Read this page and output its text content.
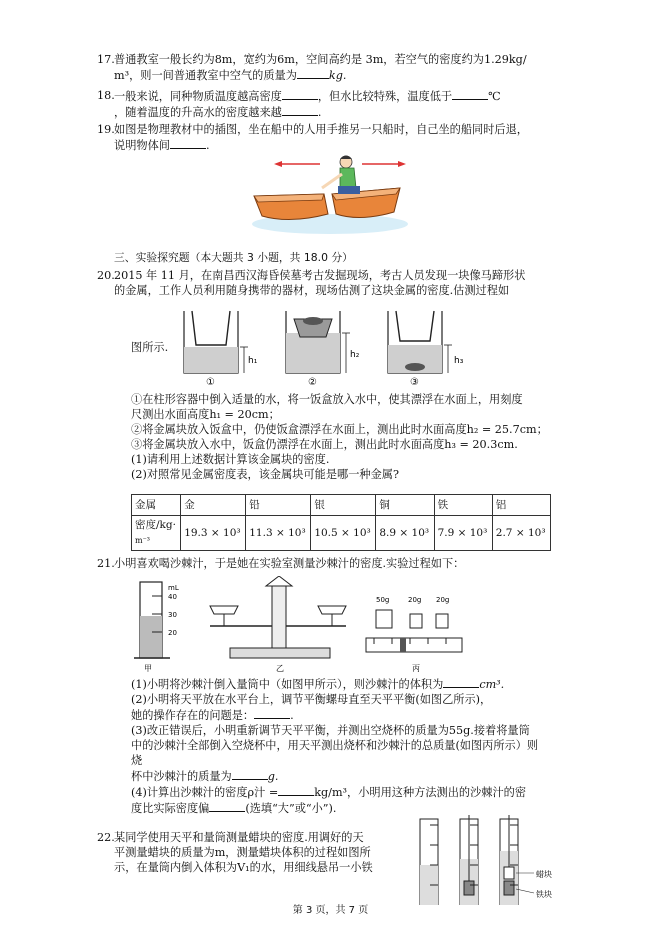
17. 普通教室一般长约为8m，宽约为6m，空间高约是 3m，若空气的密度约为1.29kg/
m³，则一间普通教室中空气的质量为	kg.
18. 一般来说，同种物质温度越高密度	，但水比较特殊，温度低于	℃
，随着温度的升高水的密度越来越	.
19. 如图是物理教材中的插图，坐在船中的人用手推另一只船时，自己坐的船同时后退，
说明物体间	.
三、实验探究题（本大题共 3 小题，共 18.0 分）
20. 2015 年 11 月，在南昌西汉海昏侯墓考古发掘现场，考古人员发现一块像马蹄形状
的金属，工作人员利用随身携带的器材，现场估测了这块金属的密度.估测过程如
图所示.
h₁
①
h₂
②
h₃
③
①在柱形容器中倒入适量的水，将一饭盒放入水中，使其漂浮在水面上，用刻度
尺测出水面高度h₁ = 20cm；
②将金属块放入饭盒中，仍使饭盒漂浮在水面上，测出此时水面高度h₂ = 25.7cm；
③将金属块放入水中，饭盒仍漂浮在水面上，测出此时水面高度h₃ = 20.3cm.
(1)请利用上述数据计算该金属块的密度.
(2)对照常见金属密度表，该金属块可能是哪一种金属?
金属	金	铅	银	铜	铁	铝

密度/kg·
m⁻³	19.3 × 10³	11.3 × 10³	10.5 × 10³	8.9 × 10³	7.9 × 10³	2.7 × 10³
21. 小明喜欢喝沙棘汁，于是她在实验室测量沙棘汁的密度.实验过程如下：
mL
40
30
20
甲	乙
50g	20g 20g
丙
(1)小明将沙棘汁倒入量筒中（如图甲所示），则沙棘汁的体积为	cm³.
(2)小明将天平放在水平台上，调节平衡螺母直至天平平衡(如图乙所示)，
她的操作存在的问题是：	.
(3)改正错误后，小明重新调节天平平衡，并测出空烧杯的质量为55g.接着将量筒
中的沙棘汁全部倒入空烧杯中，用天平测出烧杯和沙棘汁的总质量(如图丙所示）则
烧
杯中沙棘汁的质量为	g.
(4)计算出沙棘汁的密度ρ汁 =	kg/m³，小明用这种方法测出的沙棘汁的密
度比实际密度偏	(选填“大”或“小”).
22. 某同学使用天平和量筒测量蜡块的密度.用调好的天
平测量蜡块的质量为m，测量蜡块体积的过程如图所
示，在量筒内倒入体积为V₁的水，用细线悬吊一小铁
蜡块
铁块
第 3 页，共 7 页
